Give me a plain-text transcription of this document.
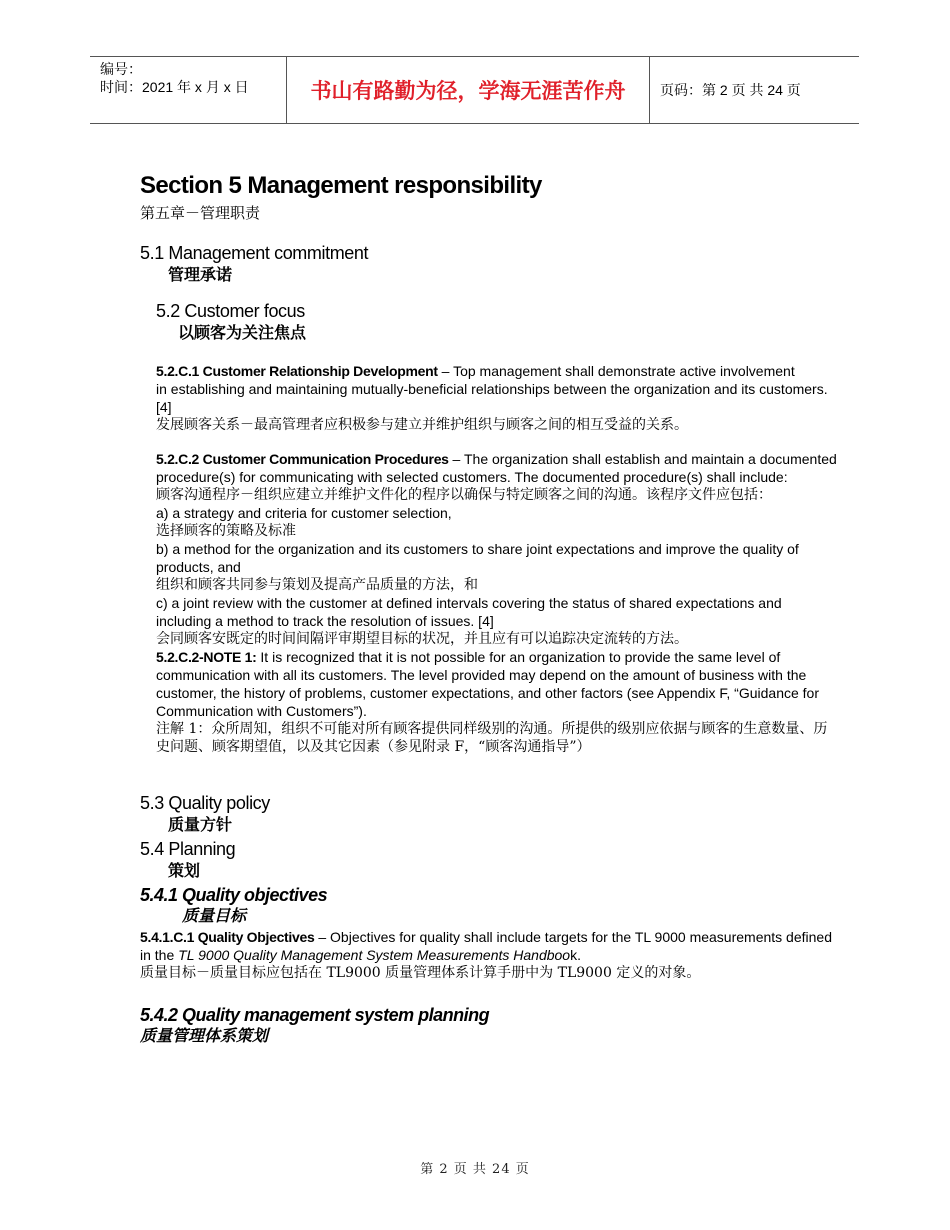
编号：
时间：2021 年 x 月 x 日	书山有路勤为径，学海无涯苦作舟	页码：第 2 页 共 24 页
Section 5 Management responsibility
第五章－管理职责
5.1 Management commitment
管理承诺
5.2 Customer focus
以顾客为关注焦点
5.2.C.1 Customer Relationship Development – Top management shall demonstrate active involvement
in establishing and maintaining mutually-beneficial relationships between the organization and its customers. [4]
发展顾客关系－最高管理者应积极参与建立并维护组织与顾客之间的相互受益的关系。
5.2.C.2 Customer Communication Procedures – The organization shall establish and maintain a documented procedure(s) for communicating with selected customers. The documented procedure(s) shall include:
顾客沟通程序－组织应建立并维护文件化的程序以确保与特定顾客之间的沟通。该程序文件应包括：
a) a strategy and criteria for customer selection,
选择顾客的策略及标准
b) a method for the organization and its customers to share joint expectations and improve the quality of products, and
组织和顾客共同参与策划及提高产品质量的方法，和
c) a joint review with the customer at defined intervals covering the status of shared expectations and including a method to track the resolution of issues. [4]
会同顾客安既定的时间间隔评审期望目标的状况，并且应有可以追踪决定流转的方法。
5.2.C.2-NOTE 1: It is recognized that it is not possible for an organization to provide the same level of communication with all its customers. The level provided may depend on the amount of business with the customer, the history of problems, customer expectations, and other factors (see Appendix F, “Guidance for Communication with Customers”).
注解 1：众所周知，组织不可能对所有顾客提供同样级别的沟通。所提供的级别应依据与顾客的生意数量、历史问题、顾客期望值，以及其它因素（参见附录 F，“顾客沟通指导”）
5.3 Quality policy
质量方针
5.4 Planning
策划
5.4.1 Quality objectives
质量目标
5.4.1.C.1 Quality Objectives – Objectives for quality shall include targets for the TL 9000 measurements defined in the TL 9000 Quality Management System Measurements Handbook.
质量目标－质量目标应包括在 TL9000 质量管理体系计算手册中为 TL9000 定义的对象。
5.4.2 Quality management system planning
质量管理体系策划
第 2 页 共 24 页
